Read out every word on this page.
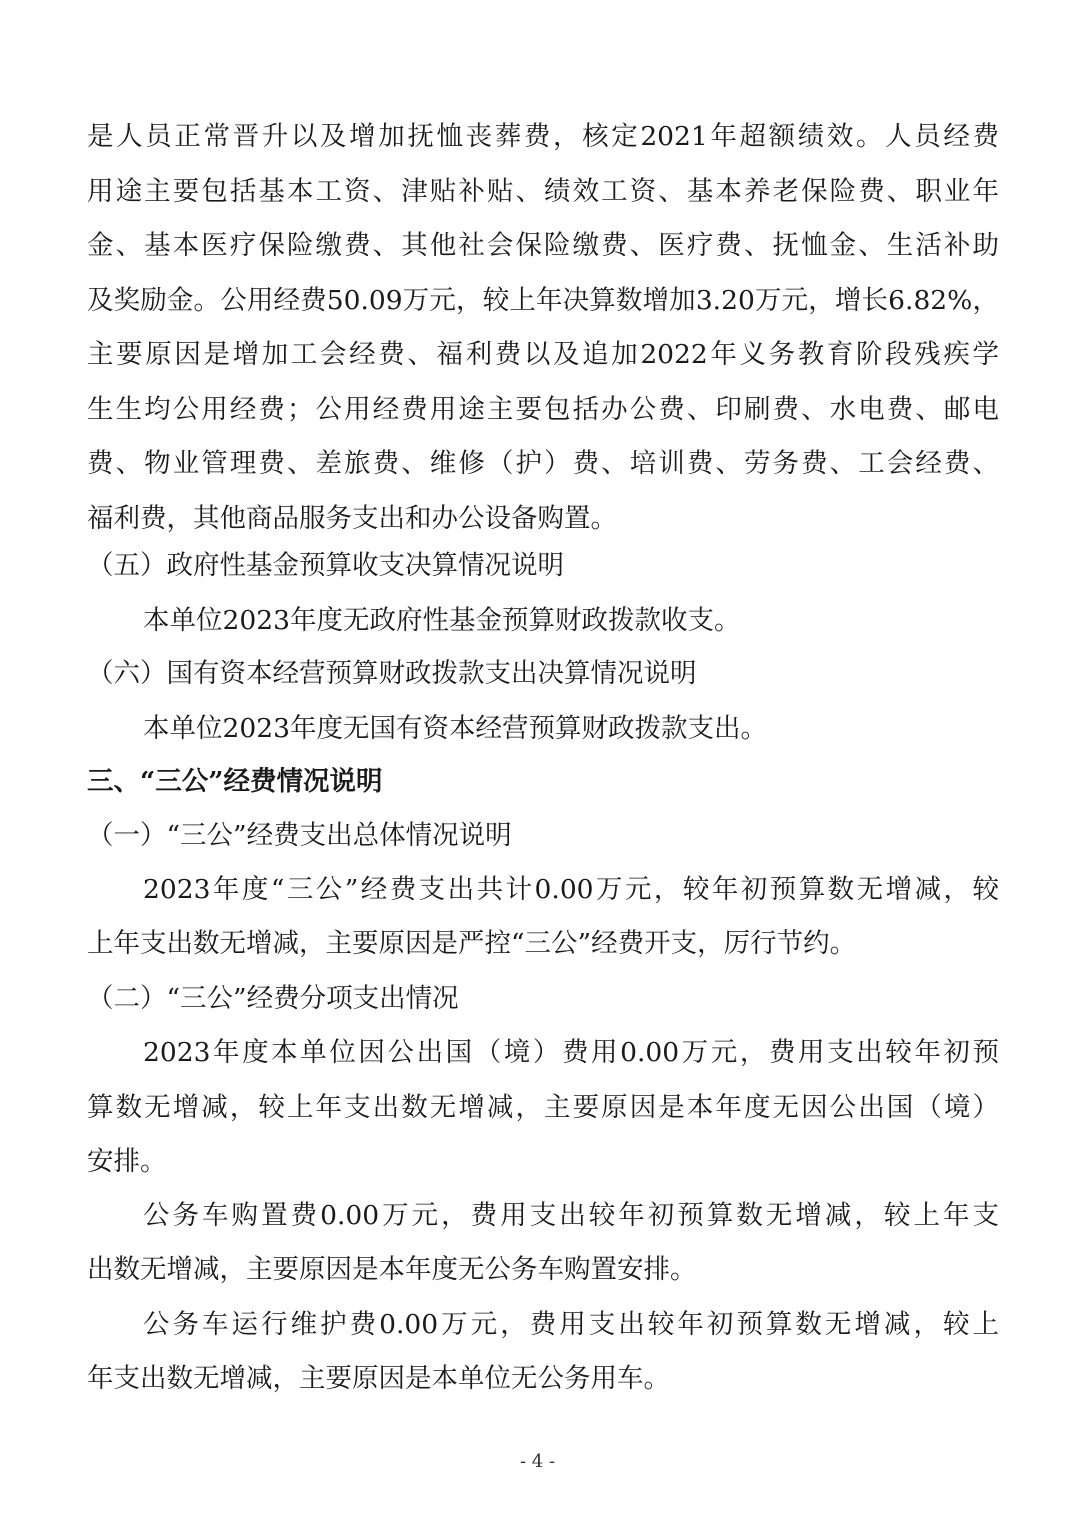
是人员正常晋升以及增加抚恤丧葬费，核定2021年超额绩效。人员经费
用途主要包括基本工资、津贴补贴、绩效工资、基本养老保险费、职业年
金、基本医疗保险缴费、其他社会保险缴费、医疗费、抚恤金、生活补助
及奖励金。公用经费50.09万元，较上年决算数增加3.20万元，增长6.82%，
主要原因是增加工会经费、福利费以及追加2022年义务教育阶段残疾学
生生均公用经费；公用经费用途主要包括办公费、印刷费、水电费、邮电
费、物业管理费、差旅费、维修（护）费、培训费、劳务费、工会经费、
福利费，其他商品服务支出和办公设备购置。
（五）政府性基金预算收支决算情况说明
本单位2023年度无政府性基金预算财政拨款收支。
（六）国有资本经营预算财政拨款支出决算情况说明
本单位2023年度无国有资本经营预算财政拨款支出。
三、“三公”经费情况说明
（一）“三公”经费支出总体情况说明
2023年度“三公”经费支出共计0.00万元，较年初预算数无增减，较
上年支出数无增减，主要原因是严控“三公”经费开支，厉行节约。
（二）“三公”经费分项支出情况
2023年度本单位因公出国（境）费用0.00万元，费用支出较年初预
算数无增减，较上年支出数无增减，主要原因是本年度无因公出国（境）
安排。
公务车购置费0.00万元，费用支出较年初预算数无增减，较上年支
出数无增减，主要原因是本年度无公务车购置安排。
公务车运行维护费0.00万元，费用支出较年初预算数无增减，较上
年支出数无增减，主要原因是本单位无公务用车。
- 4 -
